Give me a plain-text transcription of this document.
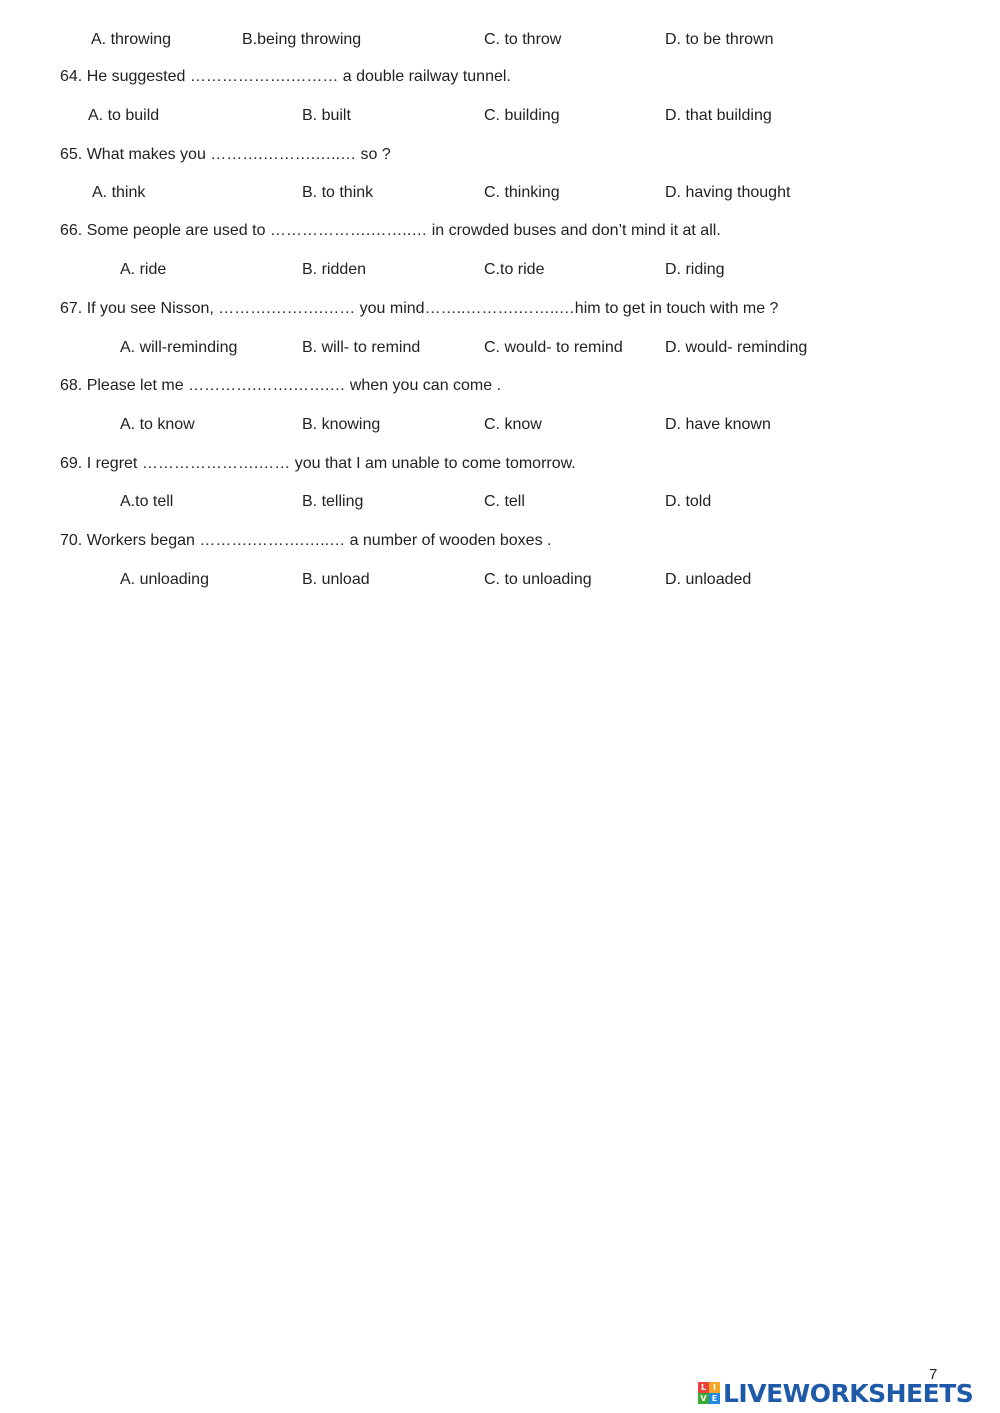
A. throwing	B.being throwing	C. to throw	D. to be thrown
64. He suggested ……………….……… a double railway tunnel.
A. to build	B. built	C. building	D. that building
65. What makes you ……….……….…..… so ?
A. think	B. to think	C. thinking	D. having thought
66. Some people are used to ……………….……..… in crowded buses and don’t mind it at all.
A. ride	B. ridden	C.to ride	D. riding
67. If you see Nisson, ……….……….…… you mind……..……….……..…him to get in touch with me ?
A. will-reminding	B. will- to remind	C. would- to remind	D. would- reminding
68. Please let me ………….…….…….… when you can come .
A. to know	B. knowing	C. know	D. have known
69. I regret ………………….…… you that I am unable to come tomorrow.
A.to tell	B. telling	C. tell	D. told
70. Workers began ……….……….…..… a number of wooden boxes .
A. unloading	B. unload	C. to unloading	D. unloaded
7
L I
V E LIVEWORKSHEETS
